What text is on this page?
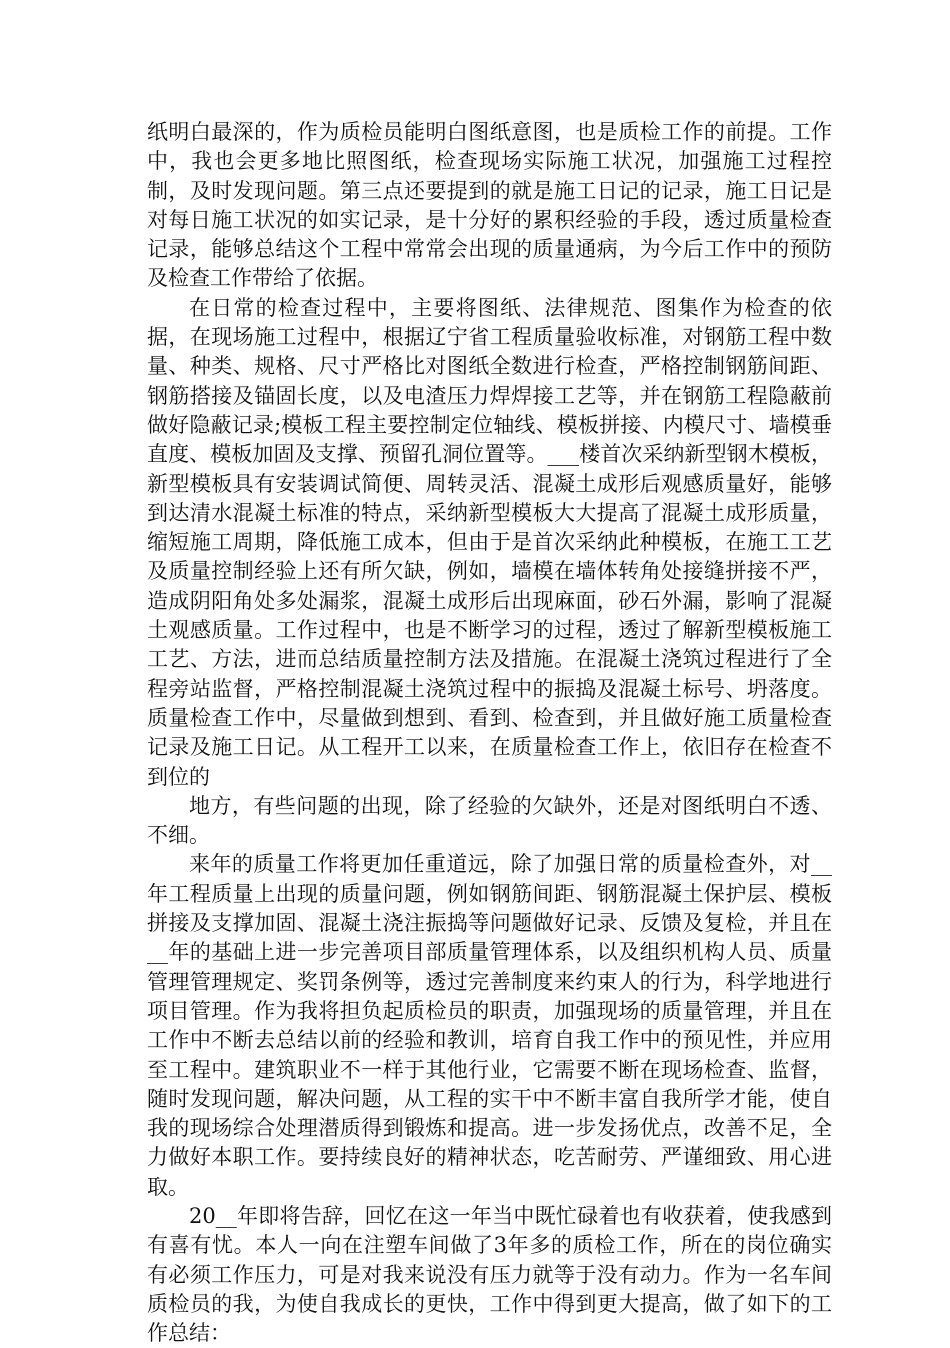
纸明白最深的，作为质检员能明白图纸意图，也是质检工作的前提。工作中，我也会更多地比照图纸，检查现场实际施工状况，加强施工过程控制，及时发现问题。第三点还要提到的就是施工日记的记录，施工日记是对每日施工状况的如实记录，是十分好的累积经验的手段，透过质量检查记录，能够总结这个工程中常常会出现的质量通病，为今后工作中的预防及检查工作带给了依据。

在日常的检查过程中，主要将图纸、法律规范、图集作为检查的依据，在现场施工过程中，根据辽宁省工程质量验收标准，对钢筋工程中数量、种类、规格、尺寸严格比对图纸全数进行检查，严格控制钢筋间距、钢筋搭接及锚固长度，以及电渣压力焊焊接工艺等，并在钢筋工程隐蔽前做好隐蔽记录;模板工程主要控制定位轴线、模板拼接、内模尺寸、墙模垂直度、模板加固及支撑、预留孔洞位置等。___楼首次采纳新型钢木模板，新型模板具有安装调试简便、周转灵活、混凝土成形后观感质量好，能够到达清水混凝土标准的特点，采纳新型模板大大提高了混凝土成形质量，缩短施工周期，降低施工成本，但由于是首次采纳此种模板，在施工工艺及质量控制经验上还有所欠缺，例如，墙模在墙体转角处接缝拼接不严，造成阴阳角处多处漏浆，混凝土成形后出现麻面，砂石外漏，影响了混凝土观感质量。工作过程中，也是不断学习的过程，透过了解新型模板施工工艺、方法，进而总结质量控制方法及措施。在混凝土浇筑过程进行了全程旁站监督，严格控制混凝土浇筑过程中的振捣及混凝土标号、坍落度。质量检查工作中，尽量做到想到、看到、检查到，并且做好施工质量检查记录及施工日记。从工程开工以来，在质量检查工作上，依旧存在检查不到位的

地方，有些问题的出现，除了经验的欠缺外，还是对图纸明白不透、不细。

来年的质量工作将更加任重道远，除了加强日常的质量检查外，对__年工程质量上出现的质量问题，例如钢筋间距、钢筋混凝土保护层、模板拼接及支撑加固、混凝土浇注振捣等问题做好记录、反馈及复检，并且在__年的基础上进一步完善项目部质量管理体系，以及组织机构人员、质量管理管理规定、奖罚条例等，透过完善制度来约束人的行为，科学地进行项目管理。作为我将担负起质检员的职责，加强现场的质量管理，并且在工作中不断去总结以前的经验和教训，培育自我工作中的预见性，并应用至工程中。建筑职业不一样于其他行业，它需要不断在现场检查、监督，随时发现问题，解决问题，从工程的实干中不断丰富自我所学才能，使自我的现场综合处理潜质得到锻炼和提高。进一步发扬优点，改善不足，全力做好本职工作。要持续良好的精神状态，吃苦耐劳、严谨细致、用心进取。

20__年即将告辞，回忆在这一年当中既忙碌着也有收获着，使我感到有喜有忧。本人一向在注塑车间做了3年多的质检工作，所在的岗位确实有必须工作压力，可是对我来说没有压力就等于没有动力。作为一名车间质检员的我，为使自我成长的更快，工作中得到更大提高，做了如下的工作总结：
